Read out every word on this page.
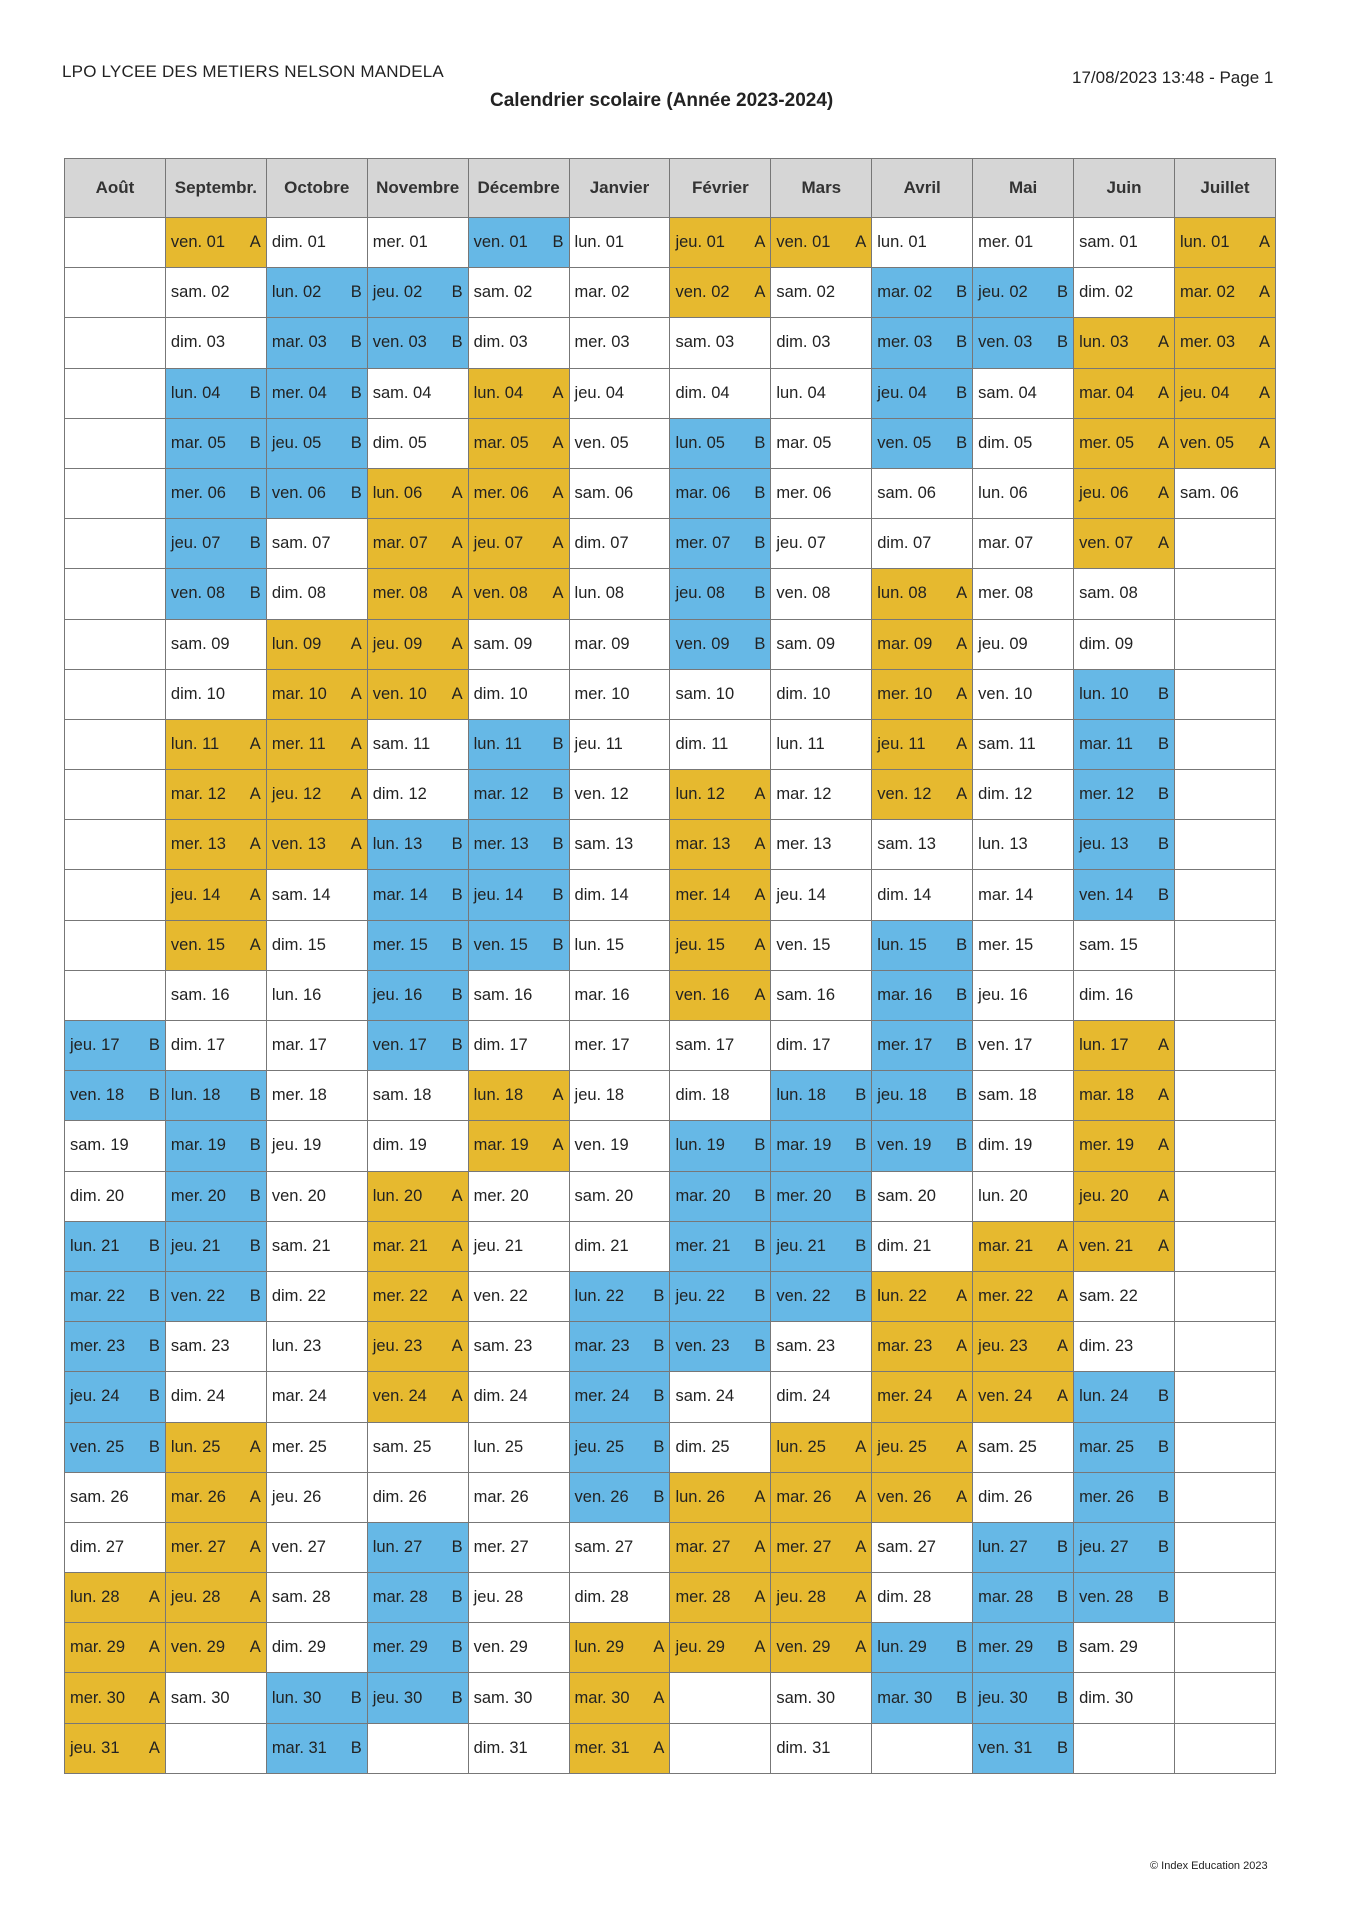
LPO LYCEE DES METIERS NELSON MANDELA	17/08/2023 13:48 - Page 1
Calendrier scolaire (Année 2023-2024)
Août	Septembr.	Octobre	Novembre	Décembre	Janvier	Février	Mars	Avril	Mai	Juin	Juillet

	ven. 01 A	dim. 01	mer. 01	ven. 01 B	lun. 01	jeu. 01 A	ven. 01 A	lun. 01	mer. 01	sam. 01	lun. 01 A

	sam. 02	lun. 02 B	jeu. 02 B	sam. 02	mar. 02	ven. 02 A	sam. 02	mar. 02 B	jeu. 02 B	dim. 02	mar. 02 A

	dim. 03	mar. 03 B	ven. 03 B	dim. 03	mer. 03	sam. 03	dim. 03	mer. 03 B	ven. 03 B	lun. 03 A	mer. 03 A

	lun. 04 B	mer. 04 B	sam. 04	lun. 04 A	jeu. 04	dim. 04	lun. 04	jeu. 04 B	sam. 04	mar. 04 A	jeu. 04 A

	mar. 05 B	jeu. 05 B	dim. 05	mar. 05 A	ven. 05	lun. 05 B	mar. 05	ven. 05 B	dim. 05	mer. 05 A	ven. 05 A

	mer. 06 B	ven. 06 B	lun. 06 A	mer. 06 A	sam. 06	mar. 06 B	mer. 06	sam. 06	lun. 06	jeu. 06 A	sam. 06

	jeu. 07 B	sam. 07	mar. 07 A	jeu. 07 A	dim. 07	mer. 07 B	jeu. 07	dim. 07	mar. 07	ven. 07 A	

	ven. 08 B	dim. 08	mer. 08 A	ven. 08 A	lun. 08	jeu. 08 B	ven. 08	lun. 08 A	mer. 08	sam. 08	

	sam. 09	lun. 09 A	jeu. 09 A	sam. 09	mar. 09	ven. 09 B	sam. 09	mar. 09 A	jeu. 09	dim. 09	

	dim. 10	mar. 10 A	ven. 10 A	dim. 10	mer. 10	sam. 10	dim. 10	mer. 10 A	ven. 10	lun. 10 B	

	lun. 11 A	mer. 11 A	sam. 11	lun. 11 B	jeu. 11	dim. 11	lun. 11	jeu. 11 A	sam. 11	mar. 11 B	

	mar. 12 A	jeu. 12 A	dim. 12	mar. 12 B	ven. 12	lun. 12 A	mar. 12	ven. 12 A	dim. 12	mer. 12 B	

	mer. 13 A	ven. 13 A	lun. 13 B	mer. 13 B	sam. 13	mar. 13 A	mer. 13	sam. 13	lun. 13	jeu. 13 B	

	jeu. 14 A	sam. 14	mar. 14 B	jeu. 14 B	dim. 14	mer. 14 A	jeu. 14	dim. 14	mar. 14	ven. 14 B	

	ven. 15 A	dim. 15	mer. 15 B	ven. 15 B	lun. 15	jeu. 15 A	ven. 15	lun. 15 B	mer. 15	sam. 15	

	sam. 16	lun. 16	jeu. 16 B	sam. 16	mar. 16	ven. 16 A	sam. 16	mar. 16 B	jeu. 16	dim. 16	

jeu. 17 B	dim. 17	mar. 17	ven. 17 B	dim. 17	mer. 17	sam. 17	dim. 17	mer. 17 B	ven. 17	lun. 17 A	

ven. 18 B	lun. 18 B	mer. 18	sam. 18	lun. 18 A	jeu. 18	dim. 18	lun. 18 B	jeu. 18 B	sam. 18	mar. 18 A	

sam. 19	mar. 19 B	jeu. 19	dim. 19	mar. 19 A	ven. 19	lun. 19 B	mar. 19 B	ven. 19 B	dim. 19	mer. 19 A	

dim. 20	mer. 20 B	ven. 20	lun. 20 A	mer. 20	sam. 20	mar. 20 B	mer. 20 B	sam. 20	lun. 20	jeu. 20 A	

lun. 21 B	jeu. 21 B	sam. 21	mar. 21 A	jeu. 21	dim. 21	mer. 21 B	jeu. 21 B	dim. 21	mar. 21 A	ven. 21 A	

mar. 22 B	ven. 22 B	dim. 22	mer. 22 A	ven. 22	lun. 22 B	jeu. 22 B	ven. 22 B	lun. 22 A	mer. 22 A	sam. 22	

mer. 23 B	sam. 23	lun. 23	jeu. 23 A	sam. 23	mar. 23 B	ven. 23 B	sam. 23	mar. 23 A	jeu. 23 A	dim. 23	

jeu. 24 B	dim. 24	mar. 24	ven. 24 A	dim. 24	mer. 24 B	sam. 24	dim. 24	mer. 24 A	ven. 24 A	lun. 24 B	

ven. 25 B	lun. 25 A	mer. 25	sam. 25	lun. 25	jeu. 25 B	dim. 25	lun. 25 A	jeu. 25 A	sam. 25	mar. 25 B	

sam. 26	mar. 26 A	jeu. 26	dim. 26	mar. 26	ven. 26 B	lun. 26 A	mar. 26 A	ven. 26 A	dim. 26	mer. 26 B	

dim. 27	mer. 27 A	ven. 27	lun. 27 B	mer. 27	sam. 27	mar. 27 A	mer. 27 A	sam. 27	lun. 27 B	jeu. 27 B	

lun. 28 A	jeu. 28 A	sam. 28	mar. 28 B	jeu. 28	dim. 28	mer. 28 A	jeu. 28 A	dim. 28	mar. 28 B	ven. 28 B	

mar. 29 A	ven. 29 A	dim. 29	mer. 29 B	ven. 29	lun. 29 A	jeu. 29 A	ven. 29 A	lun. 29 B	mer. 29 B	sam. 29	

mer. 30 A	sam. 30	lun. 30 B	jeu. 30 B	sam. 30	mar. 30 A		sam. 30	mar. 30 B	jeu. 30 B	dim. 30	

jeu. 31 A		mar. 31 B		dim. 31	mer. 31 A		dim. 31		ven. 31 B		

© Index Education 2023
